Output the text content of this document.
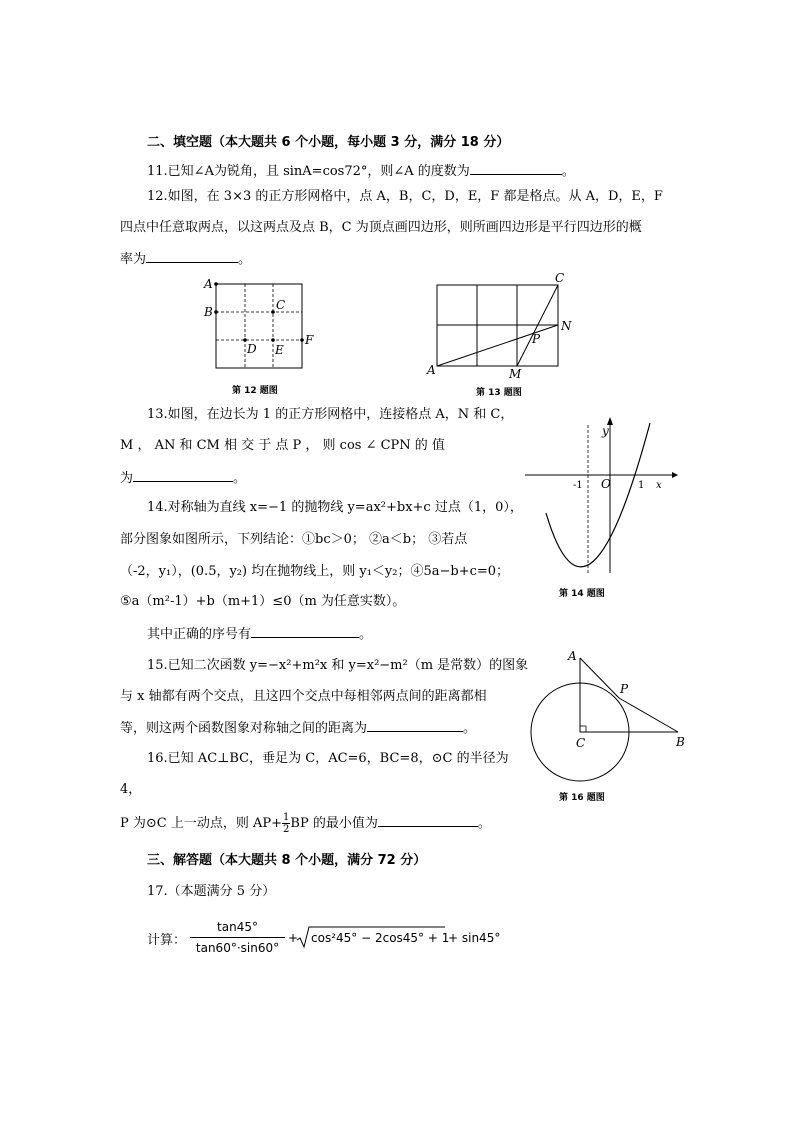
二、填空题（本大题共 6 个小题，每小题 3 分，满分 18 分）
11.已知∠A为锐角，且 sinA=cos72°，则∠A 的度数为	。
12.如图，在 3×3 的正方形网格中，点 A，B，C，D，E，F 都是格点。从 A，D，E，F
四点中任意取两点，以这两点及点 B，C 为顶点画四边形，则所画四边形是平行四边形的概
率为	。
A
B	C
D E
F
第 12 题图
C
N
P
A	M
第 13 题图
13.如图，在边长为 1 的正方形网格中，连接格点 A，N 和 C，
M ， AN 和 CM 相 交 于 点 P ， 则 cos ∠ CPN 的 值
为	。
y
-1 O	1 x
第 14 题图
14.对称轴为直线 x=−1 的抛物线 y=ax²+bx+c 过点（1，0），
部分图象如图所示，下列结论：①bc＞0； ②a＜b； ③若点
（-2，y₁），(0.5，y₂) 均在抛物线上，则 y₁＜y₂；④5a−b+c=0；
⑤a（m²-1）+b（m+1）≤0（m 为任意实数）。
其中正确的序号有	。
15.已知二次函数 y=−x²+m²x 和 y=x²−m²（m 是常数）的图象
与 x 轴都有两个交点，且这四个交点中每相邻两点间的距离都相
等，则这两个函数图象对称轴之间的距离为	。
A
P
C	B
第 16 题图
16.已知 AC⊥BC，垂足为 C，AC=6，BC=8，⊙C 的半径为
4，
P 为⊙C 上一动点，则 $AP+ \frac{1}{2}$ BP 的最小值为	。
三、解答题（本大题共 8 个小题，满分 72 分）
17.（本题满分 5 分）
计算： $\frac{\tan 45^\circ}{\tan 60^\circ\cdot\sin 60^\circ} + \cos^245^\circ - 2\cos 45^\circ + 1$
+ sin45°
